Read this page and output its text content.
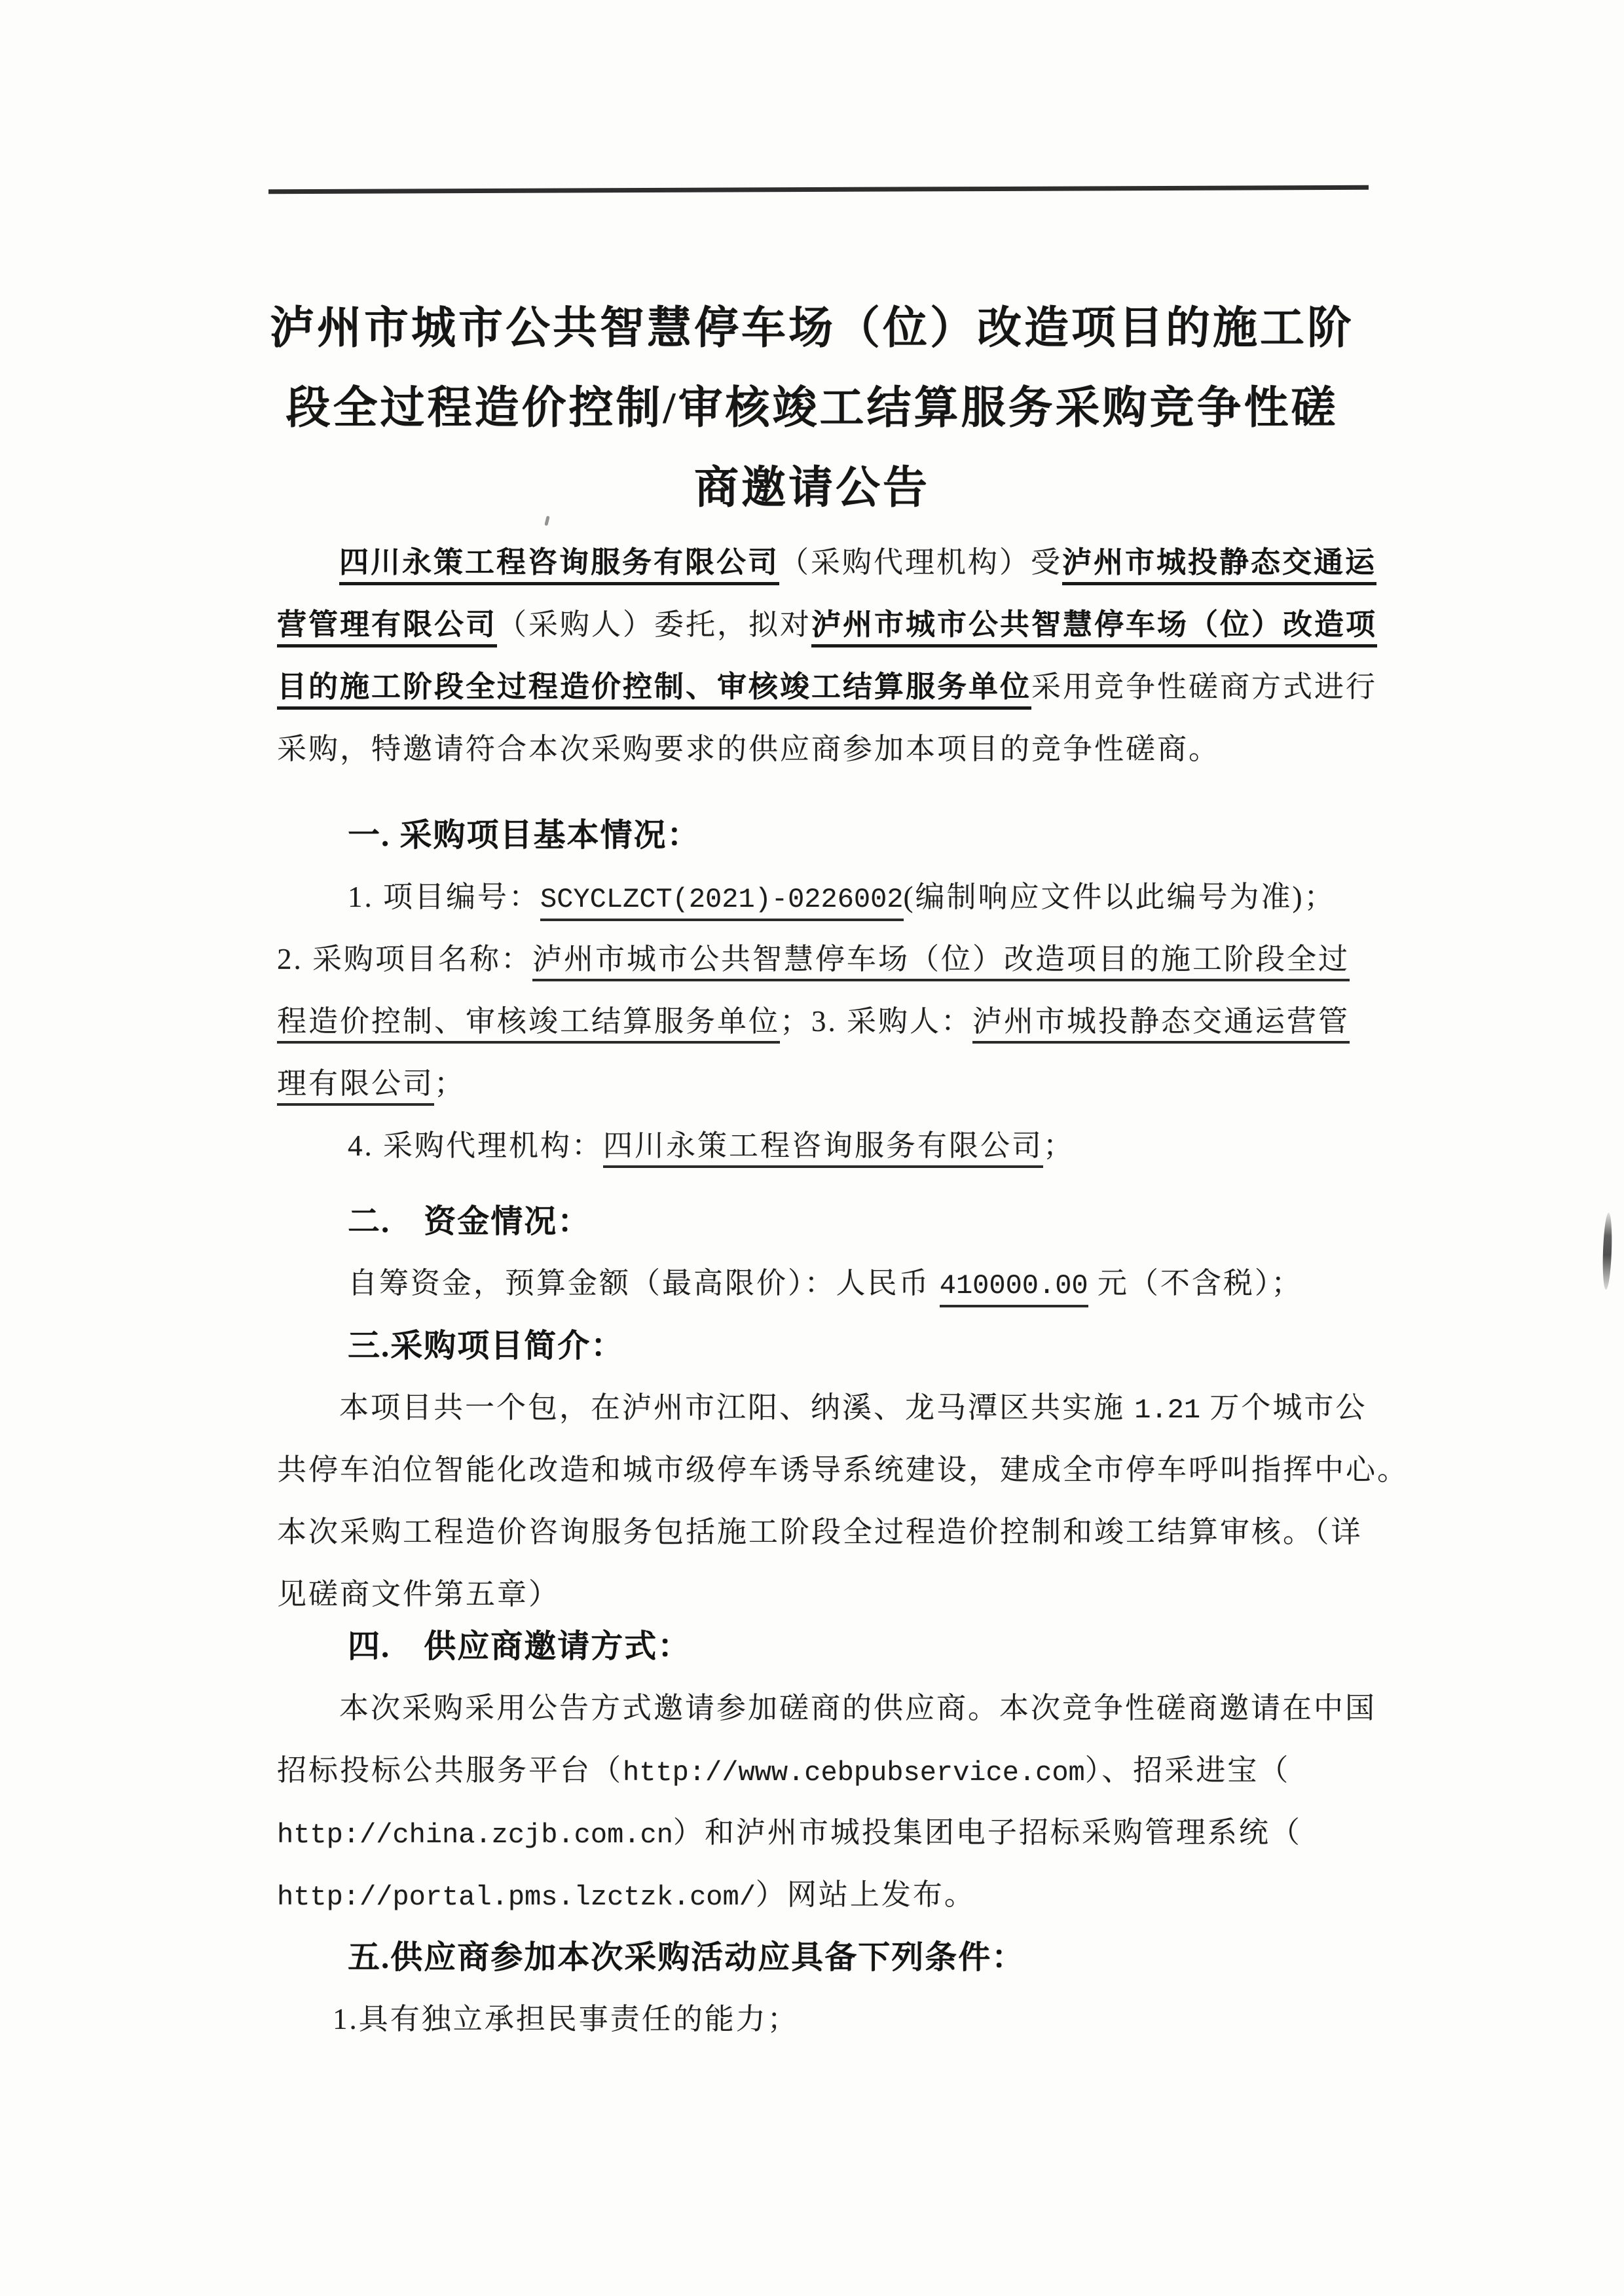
泸州市城市公共智慧停车场（位）改造项目的施工阶
段全过程造价控制/审核竣工结算服务采购竞争性磋
商邀请公告
四川永策工程咨询服务有限公司（采购代理机构）受泸州市城投静态交通运
营管理有限公司（采购人）委托，拟对泸州市城市公共智慧停车场（位）改造项
目的施工阶段全过程造价控制、审核竣工结算服务单位采用竞争性磋商方式进行
采购，特邀请符合本次采购要求的供应商参加本项目的竞争性磋商。
一. 采购项目基本情况：
1. 项目编号：SCYCLZCT(2021)-0226002(编制响应文件以此编号为准)；
2. 采购项目名称：泸州市城市公共智慧停车场（位）改造项目的施工阶段全过
程造价控制、审核竣工结算服务单位；3. 采购人：泸州市城投静态交通运营管
理有限公司；
4. 采购代理机构：四川永策工程咨询服务有限公司；
二.　资金情况：
自筹资金，预算金额（最高限价）：人民币 410000.00 元（不含税）；
三.采购项目简介：
本项目共一个包，在泸州市江阳、纳溪、龙马潭区共实施 1.21 万个城市公
共停车泊位智能化改造和城市级停车诱导系统建设，建成全市停车呼叫指挥中心。
本次采购工程造价咨询服务包括施工阶段全过程造价控制和竣工结算审核。（详
见磋商文件第五章）
四.　供应商邀请方式：
本次采购采用公告方式邀请参加磋商的供应商。本次竞争性磋商邀请在中国
招标投标公共服务平台（http://www.cebpubservice.com）、招采进宝（
http://china.zcjb.com.cn）和泸州市城投集团电子招标采购管理系统（
http://portal.pms.lzctzk.com/）网站上发布。
五.供应商参加本次采购活动应具备下列条件：
1.具有独立承担民事责任的能力；
